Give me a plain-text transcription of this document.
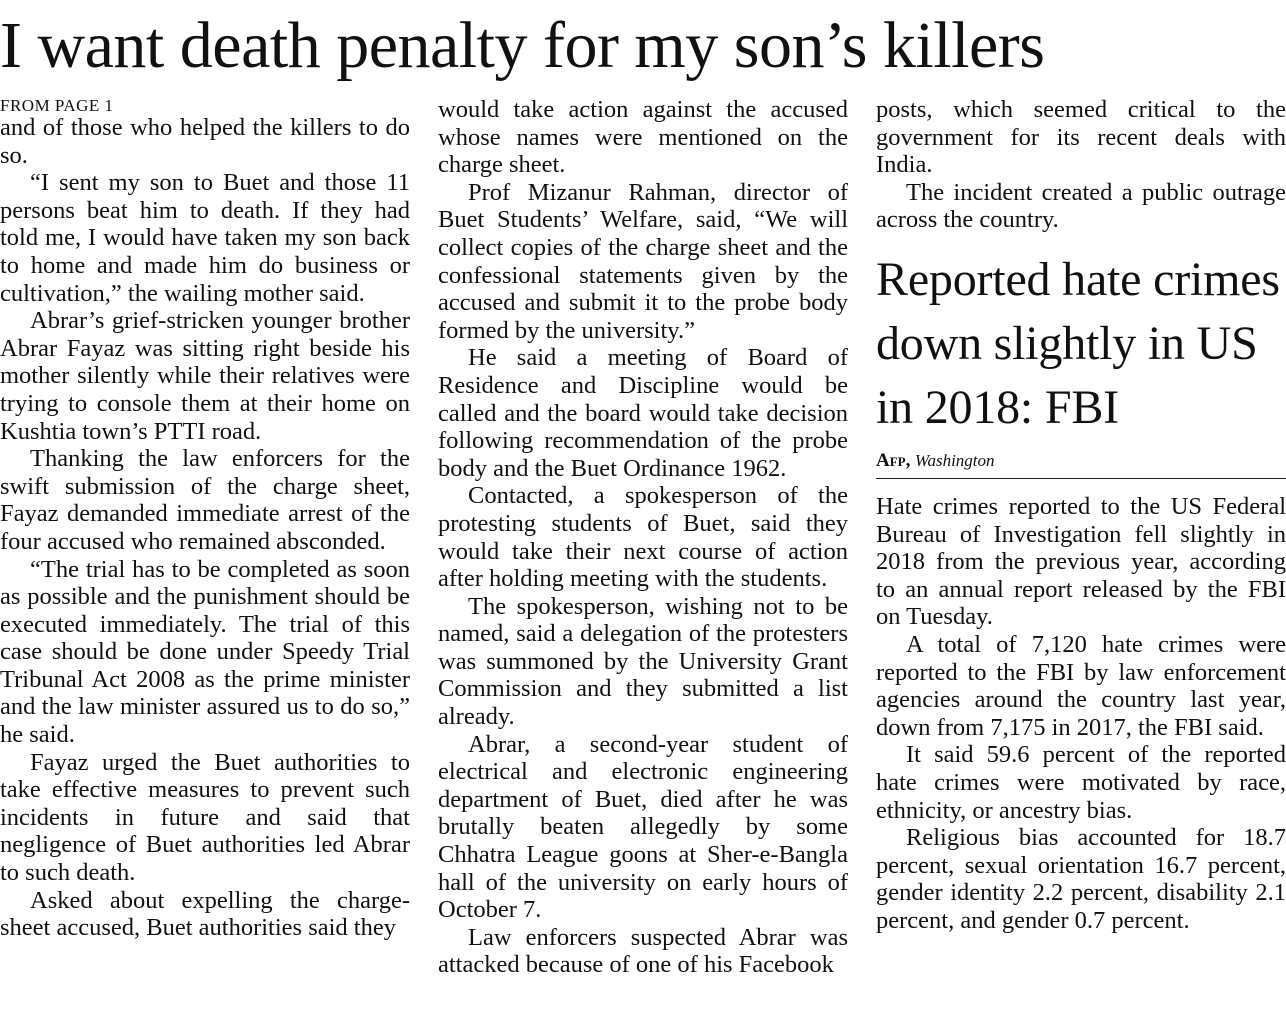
I want death penalty for my son’s killers
FROM PAGE 1

and of those who helped the killers to do so.

“I sent my son to Buet and those 11 persons beat him to death. If they had told me, I would have taken my son back to home and made him do business or cultivation,” the wailing mother said.

Abrar’s grief-stricken younger brother Abrar Fayaz was sitting right beside his mother silently while their relatives were trying to console them at their home on Kushtia town’s PTTI road.

Thanking the law enforcers for the swift submission of the charge sheet, Fayaz demanded immediate arrest of the four accused who remained absconded.

“The trial has to be completed as soon as possible and the punishment should be executed immediately. The trial of this case should be done under Speedy Trial Tribunal Act 2008 as the prime minister and the law minister assured us to do so,” he said.

Fayaz urged the Buet authorities to take effective measures to prevent such incidents in future and said that negligence of Buet authorities led Abrar to such death.

Asked about expelling the charge-sheet accused, Buet authorities said they

would take action against the accused whose names were mentioned on the charge sheet.

Prof Mizanur Rahman, director of Buet Students’ Welfare, said, “We will collect copies of the charge sheet and the confessional statements given by the accused and submit it to the probe body formed by the university.”

He said a meeting of Board of Residence and Discipline would be called and the board would take decision following recommendation of the probe body and the Buet Ordinance 1962.

Contacted, a spokesperson of the protesting students of Buet, said they would take their next course of action after holding meeting with the students.

The spokesperson, wishing not to be named, said a delegation of the protesters was summoned by the University Grant Commission and they submitted a list already.

Abrar, a second-year student of electrical and electronic engineering department of Buet, died after he was brutally beaten allegedly by some Chhatra League goons at Sher-e-Bangla hall of the university on early hours of October 7.

Law enforcers suspected Abrar was attacked because of one of his Facebook

posts, which seemed critical to the government for its recent deals with India.

The incident created a public outrage across the country.

Reported hate crimes down slightly in US in 2018: FBI
Afp, Washington

Hate crimes reported to the US Federal Bureau of Investigation fell slightly in 2018 from the previous year, according to an annual report released by the FBI on Tuesday.

A total of 7,120 hate crimes were reported to the FBI by law enforcement agencies around the country last year, down from 7,175 in 2017, the FBI said.

It said 59.6 percent of the reported hate crimes were motivated by race, ethnicity, or ancestry bias.

Religious bias accounted for 18.7 percent, sexual orientation 16.7 percent, gender identity 2.2 percent, disability 2.1 percent, and gender 0.7 percent.
